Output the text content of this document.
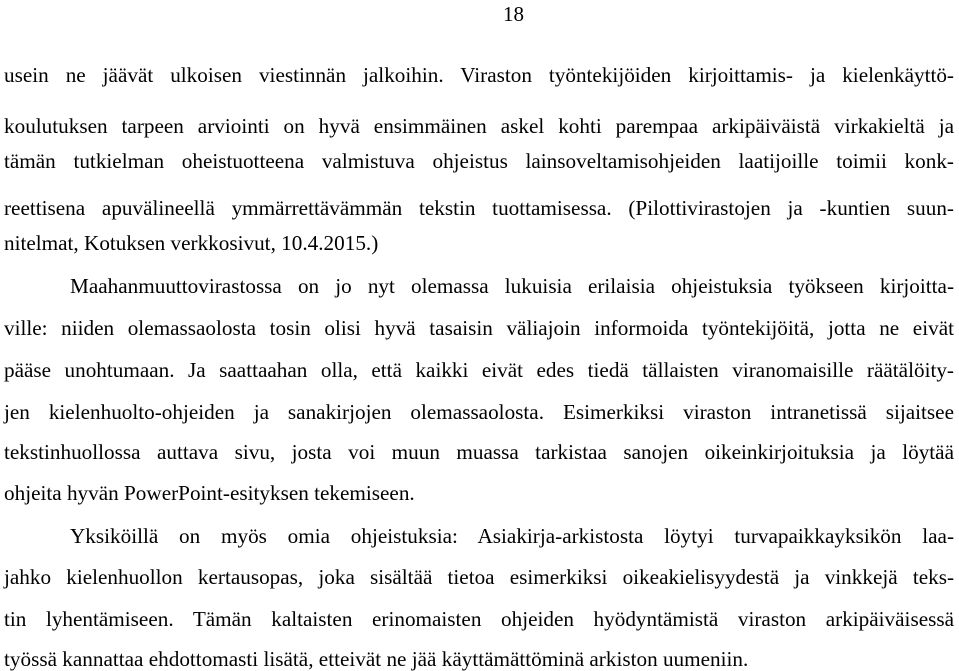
18
usein ne jäävät ulkoisen viestinnän jalkoihin. Viraston työntekijöiden kirjoittamis- ja kielenkäyttö-
koulutuksen tarpeen arviointi on hyvä ensimmäinen askel kohti parempaa arkipäiväistä virkakieltä ja
tämän tutkielman oheistuotteena valmistuva ohjeistus lainsoveltamisohjeiden laatijoille toimii konk-
reettisena apuvälineellä ymmärrettävämmän tekstin tuottamisessa. (Pilottivirastojen ja -kuntien suun-
nitelmat, Kotuksen verkkosivut, 10.4.2015.)
Maahanmuuttovirastossa on jo nyt olemassa lukuisia erilaisia ohjeistuksia työkseen kirjoitta-
ville: niiden olemassaolosta tosin olisi hyvä tasaisin väliajoin informoida työntekijöitä, jotta ne eivät
pääse unohtumaan. Ja saattaahan olla, että kaikki eivät edes tiedä tällaisten viranomaisille räätälöity-
jen kielenhuolto-ohjeiden ja sanakirjojen olemassaolosta. Esimerkiksi viraston intranetissä sijaitsee
tekstinhuollossa auttava sivu, josta voi muun muassa tarkistaa sanojen oikeinkirjoituksia ja löytää
ohjeita hyvän PowerPoint-esityksen tekemiseen.
Yksiköillä on myös omia ohjeistuksia: Asiakirja-arkistosta löytyi turvapaikkayksikön laa-
jahko kielenhuollon kertausopas, joka sisältää tietoa esimerkiksi oikeakielisyydestä ja vinkkejä teks-
tin lyhentämiseen. Tämän kaltaisten erinomaisten ohjeiden hyödyntämistä viraston arkipäiväisessä
työssä kannattaa ehdottomasti lisätä, etteivät ne jää käyttämättöminä arkiston uumeniin.
